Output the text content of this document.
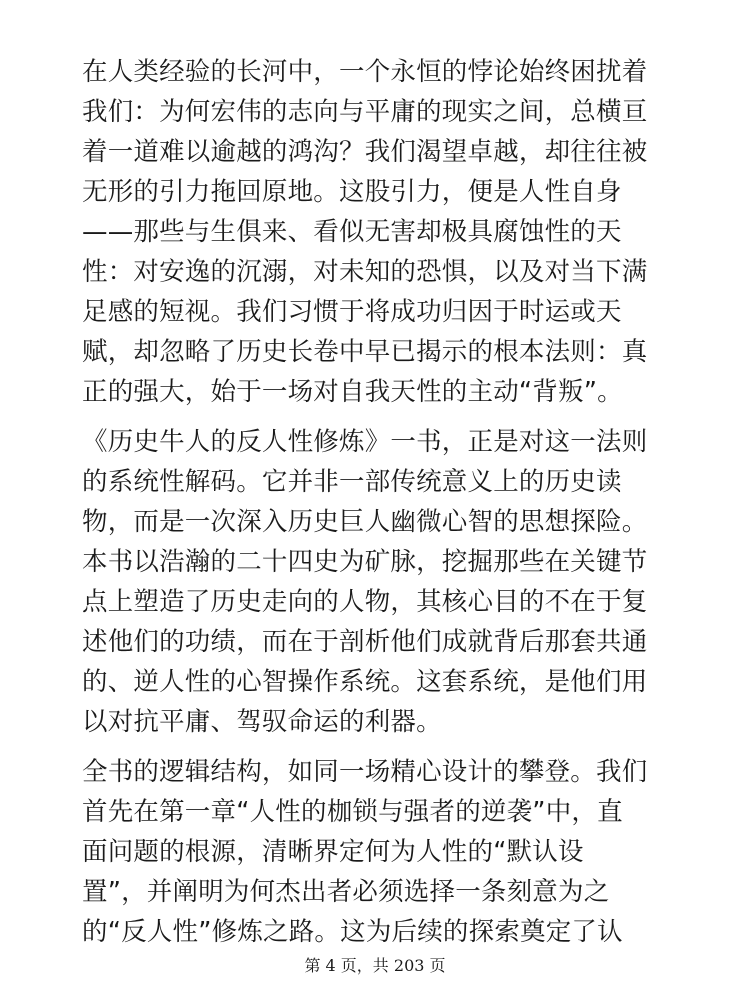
在人类经验的长河中，一个永恒的悖论始终困扰着
我们：为何宏伟的志向与平庸的现实之间，总横亘
着一道难以逾越的鸿沟？我们渴望卓越，却往往被
无形的引力拖回原地。这股引力，便是人性自身
——那些与生俱来、看似无害却极具腐蚀性的天
性：对安逸的沉溺，对未知的恐惧，以及对当下满
足感的短视。我们习惯于将成功归因于时运或天
赋，却忽略了历史长卷中早已揭示的根本法则：真
正的强大，始于一场对自我天性的主动“背叛”。

《历史牛人的反人性修炼》一书，正是对这一法则
的系统性解码。它并非一部传统意义上的历史读
物，而是一次深入历史巨人幽微心智的思想探险。
本书以浩瀚的二十四史为矿脉，挖掘那些在关键节
点上塑造了历史走向的人物，其核心目的不在于复
述他们的功绩，而在于剖析他们成就背后那套共通
的、逆人性的心智操作系统。这套系统，是他们用
以对抗平庸、驾驭命运的利器。

全书的逻辑结构，如同一场精心设计的攀登。我们
首先在第一章“人性的枷锁与强者的逆袭”中，直
面问题的根源，清晰界定何为人性的“默认设
置”，并阐明为何杰出者必须选择一条刻意为之
的“反人性”修炼之路。这为后续的探索奠定了认

第 4 页，共 203 页
